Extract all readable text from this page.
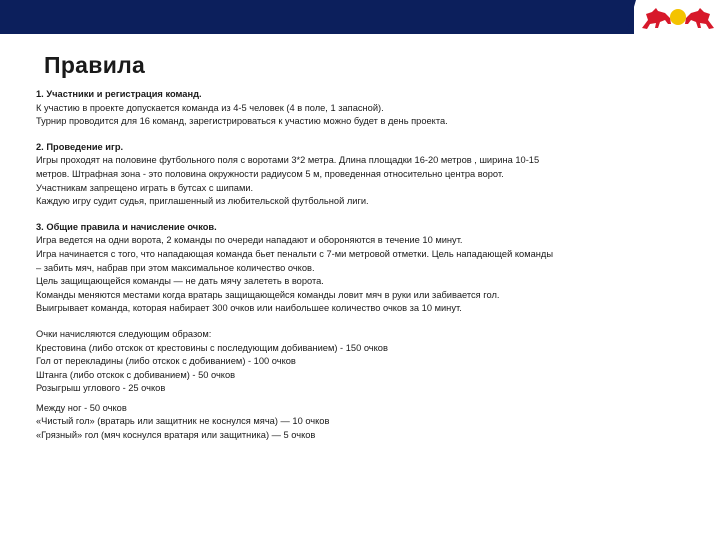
Правила

1. Участники и регистрация команд.

К участию в проекте допускается команда из 4-5 человек (4 в поле, 1 запасной).

Турнир проводится для 16 команд, зарегистрироваться к участию можно будет в день проекта.

2. Проведение игр.

Игры проходят на половине футбольного поля с воротами 3*2 метра. Длина площадки 16-20 метров , ширина 10-15

метров. Штрафная зона - это половина окружности радиусом 5 м, проведенная относительно центра ворот.

Участникам запрещено играть в бутсах с шипами.

Каждую игру судит судья, приглашенный из любительской футбольной лиги.

3. Общие правила и начисление очков.

Игра ведется на одни ворота, 2 команды по очереди нападают и обороняются в течение 10 минут.

Игра начинается с того, что нападающая команда бьет пенальти с 7-ми метровой отметки. Цель нападающей команды

– забить мяч, набрав при этом максимальное количество очков.

Цель защищающейся команды — не дать мячу залететь в ворота.

Команды меняются местами когда вратарь защищающейся команды ловит мяч в руки или забивается гол.

Выигрывает команда, которая набирает 300 очков или наибольшее количество очков за 10 минут.

Очки начисляются следующим образом:

Крестовина (либо отскок от крестовины с последующим добиванием) - 150 очков

Гол от перекладины (либо отскок с добиванием) - 100 очков

Штанга (либо отскок с добиванием) - 50 очков

Розыгрыш углового - 25 очков

Между ног - 50 очков

«Чистый гол» (вратарь или защитник не коснулся мяча) — 10 очков

«Грязный» гол (мяч коснулся вратаря или защитника) — 5 очков
